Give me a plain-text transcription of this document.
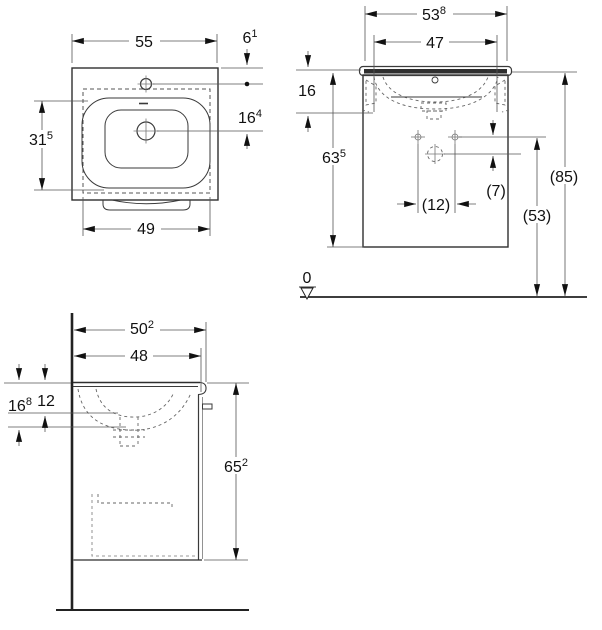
55	$6^1$
$16^4$
$31^5$
49
$53^8$
47
16
$63^5$
(7)
(12)
(53)
(85)
0
$50^2$
48
$16^8$ 12
$65^2$
